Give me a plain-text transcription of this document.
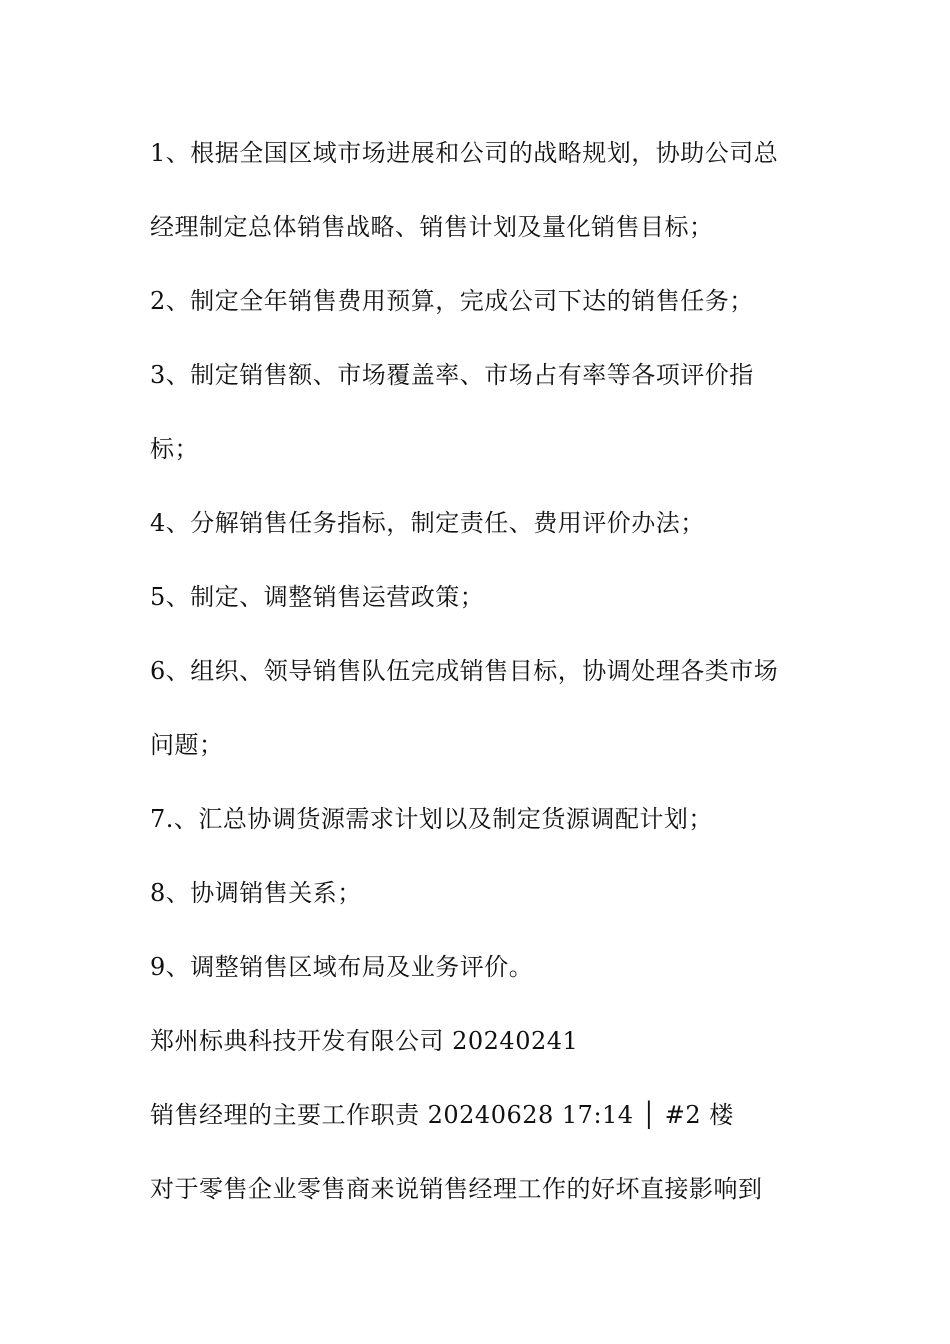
1、根据全国区域市场进展和公司的战略规划，协助公司总
经理制定总体销售战略、销售计划及量化销售目标；
2、制定全年销售费用预算，完成公司下达的销售任务；
3、制定销售额、市场覆盖率、市场占有率等各项评价指
标；
4、分解销售任务指标，制定责任、费用评价办法；
5、制定、调整销售运营政策；
6、组织、领导销售队伍完成销售目标，协调处理各类市场
问题；
7.、汇总协调货源需求计划以及制定货源调配计划；
8、协调销售关系；
9、调整销售区域布局及业务评价。
郑州标典科技开发有限公司 20240241
销售经理的主要工作职责 20240628 17:14 │ #2 楼
对于零售企业零售商来说销售经理工作的好坏直接影响到
